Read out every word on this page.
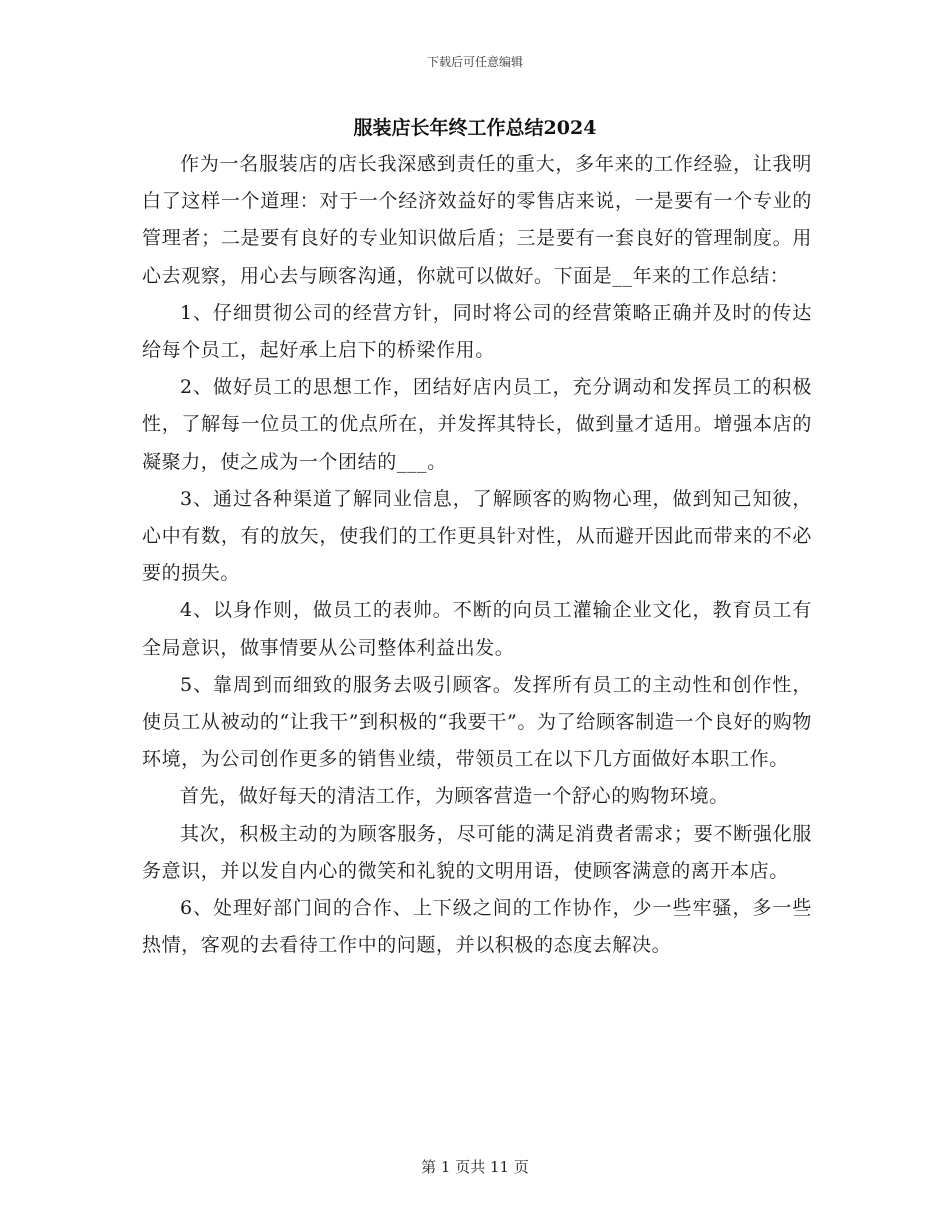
下载后可任意编辑
服装店长年终工作总结2024

作为一名服装店的店长我深感到责任的重大，多年来的工作经验，让我明白了这样一个道理：对于一个经济效益好的零售店来说，一是要有一个专业的管理者；二是要有良好的专业知识做后盾；三是要有一套良好的管理制度。用心去观察，用心去与顾客沟通，你就可以做好。下面是__年来的工作总结：

1、仔细贯彻公司的经营方针，同时将公司的经营策略正确并及时的传达给每个员工，起好承上启下的桥梁作用。

2、做好员工的思想工作，团结好店内员工，充分调动和发挥员工的积极性，了解每一位员工的优点所在，并发挥其特长，做到量才适用。增强本店的凝聚力，使之成为一个团结的___。

3、通过各种渠道了解同业信息，了解顾客的购物心理，做到知己知彼，心中有数，有的放矢，使我们的工作更具针对性，从而避开因此而带来的不必要的损失。

4、以身作则，做员工的表帅。不断的向员工灌输企业文化，教育员工有全局意识，做事情要从公司整体利益出发。

5、靠周到而细致的服务去吸引顾客。发挥所有员工的主动性和创作性，使员工从被动的“让我干”到积极的“我要干”。为了给顾客制造一个良好的购物环境，为公司创作更多的销售业绩，带领员工在以下几方面做好本职工作。

首先，做好每天的清洁工作，为顾客营造一个舒心的购物环境。

其次，积极主动的为顾客服务，尽可能的满足消费者需求；要不断强化服务意识，并以发自内心的微笑和礼貌的文明用语，使顾客满意的离开本店。

6、处理好部门间的合作、上下级之间的工作协作，少一些牢骚，多一些热情，客观的去看待工作中的问题，并以积极的态度去解决。

第 1 页共 11 页
